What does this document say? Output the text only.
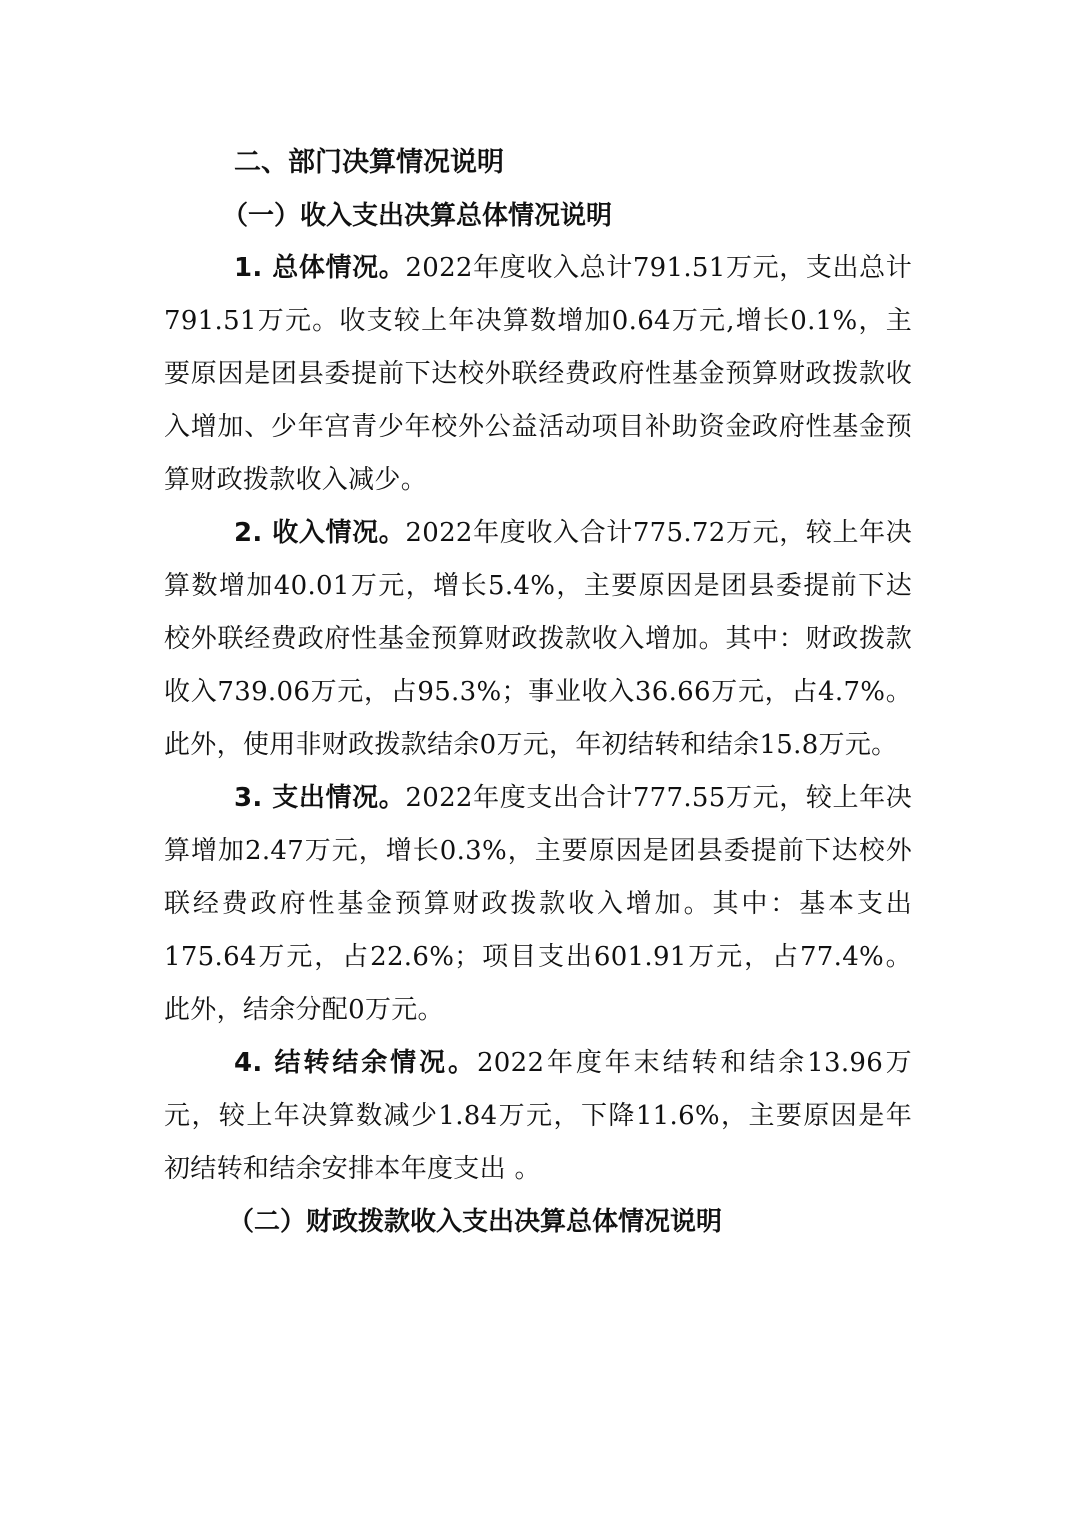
二、部门决算情况说明
（一）收入支出决算总体情况说明

1. 总体情况。2022年度收入总计791.51万元，支出总计791.51万元。收支较上年决算数增加0.64万元,增长0.1%，主要原因是团县委提前下达校外联经费政府性基金预算财政拨款收入增加、少年宫青少年校外公益活动项目补助资金政府性基金预算财政拨款收入减少。

2. 收入情况。2022年度收入合计775.72万元，较上年决算数增加40.01万元，增长5.4%，主要原因是团县委提前下达校外联经费政府性基金预算财政拨款收入增加。其中：财政拨款收入739.06万元，占95.3%；事业收入36.66万元，占4.7%。此外，使用非财政拨款结余0万元，年初结转和结余15.8万元。

3. 支出情况。2022年度支出合计777.55万元，较上年决算增加2.47万元，增长0.3%，主要原因是团县委提前下达校外联经费政府性基金预算财政拨款收入增加。其中：基本支出175.64万元，占22.6%；项目支出601.91万元，占77.4%。此外，结余分配0万元。

4. 结转结余情况。2022年度年末结转和结余13.96万元，较上年决算数减少1.84万元，下降11.6%，主要原因是年初结转和结余安排本年度支出 。

（二）财政拨款收入支出决算总体情况说明
